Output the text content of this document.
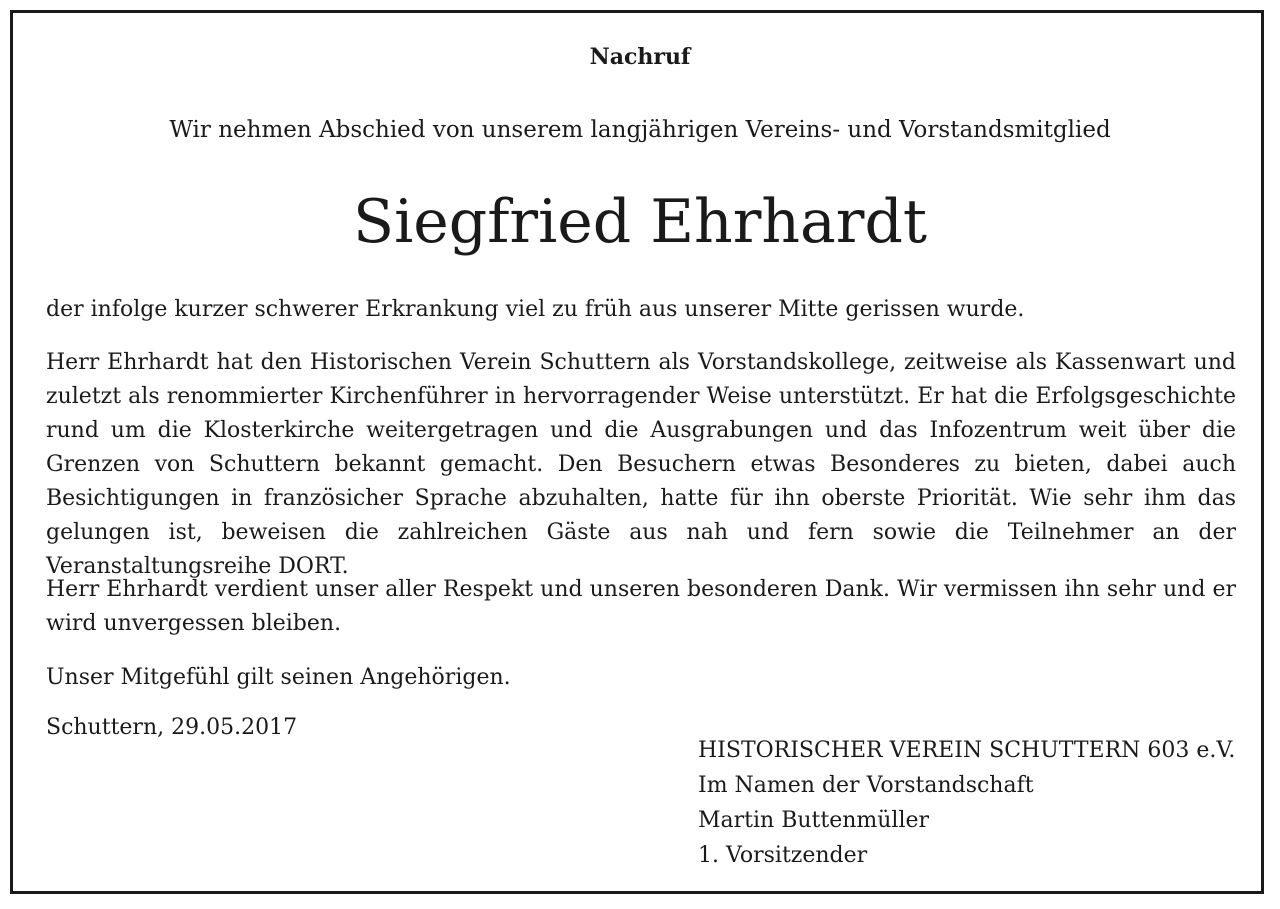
Nachruf
Wir nehmen Abschied von unserem langjährigen Vereins- und Vorstandsmitglied
Siegfried Ehrhardt

der infolge kurzer schwerer Erkrankung viel zu früh aus unserer Mitte gerissen wurde.

Herr Ehrhardt hat den Historischen Verein Schuttern als Vorstandskollege, zeitweise als Kassenwart und zuletzt als renommierter Kirchenführer in hervorragender Weise unterstützt. Er hat die Erfolgsgeschichte rund um die Klosterkirche weitergetragen und die Ausgrabungen und das Infozentrum weit über die Grenzen von Schuttern bekannt gemacht. Den Besuchern etwas Besonderes zu bieten, dabei auch Besichtigungen in französicher Sprache abzuhalten, hatte für ihn oberste Priorität. Wie sehr ihm das gelungen ist, beweisen die zahlreichen Gäste aus nah und fern sowie die Teilnehmer an der Veranstaltungsreihe DORT.

Herr Ehrhardt verdient unser aller Respekt und unseren besonderen Dank. Wir vermissen ihn sehr und er wird unvergessen bleiben.

Unser Mitgefühl gilt seinen Angehörigen.

Schuttern, 29.05.2017
HISTORISCHER VEREIN SCHUTTERN 603 e.V.
Im Namen der Vorstandschaft
Martin Buttenmüller
1. Vorsitzender
